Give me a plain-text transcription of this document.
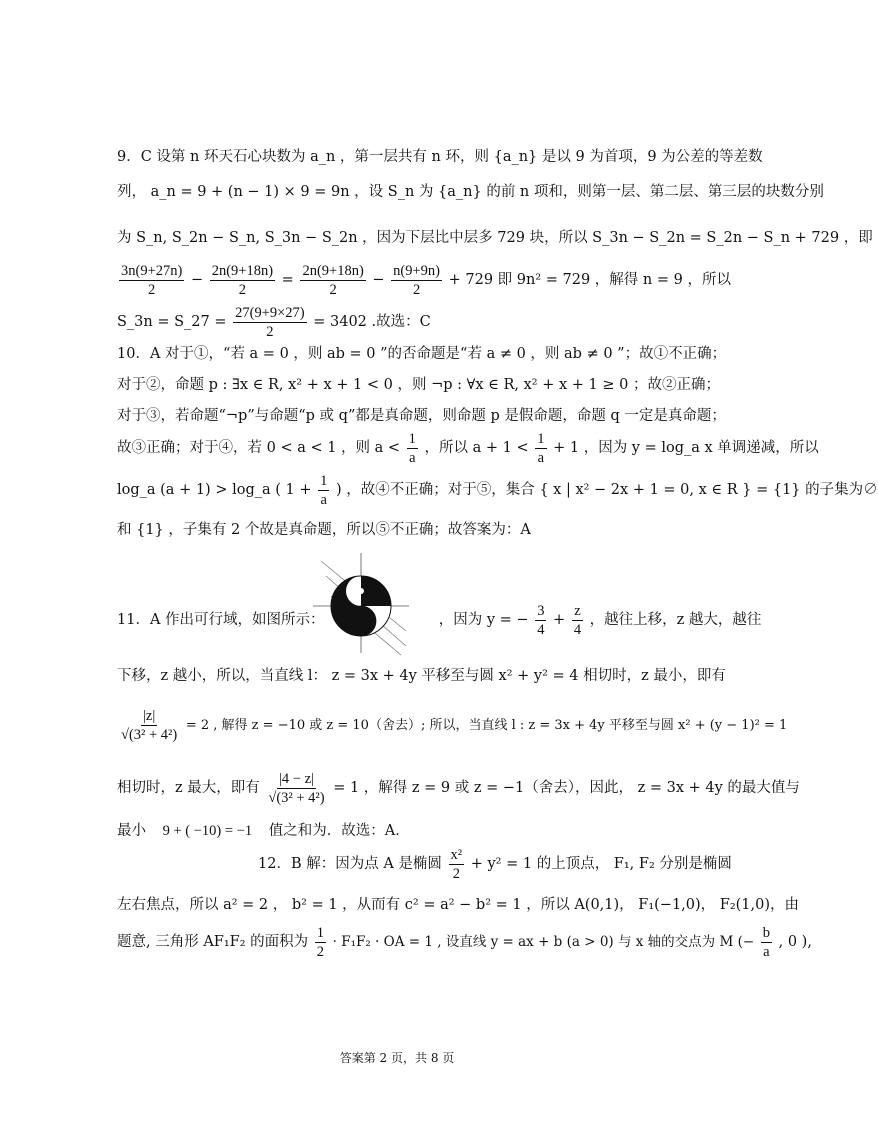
9．C 设第 n 环天石心块数为 a_n ，第一层共有 n 环，则 {a_n} 是以 9 为首项，9 为公差的等差数
列， a_n = 9 + (n − 1) × 9 = 9n ，设 S_n 为 {a_n} 的前 n 项和，则第一层、第二层、第三层的块数分别
为 S_n, S_2n − S_n, S_3n − S_2n ，因为下层比中层多 729 块，所以 S_3n − S_2n = S_2n − S_n + 729 ，即
$\frac{3n(9+27n)}{2} - \frac{2n(9+18n)}{2} = \frac{2n(9+18n)}{2} - \frac{n(9+9n)}{2} + 729$ 即 9n² = 729 ，解得 n = 9 ，所以
S_3n = S_27 = $\frac{27(9+9\times 27)}{2} = 3402$ .故选：C
10．A 对于①，“若 a = 0 ，则 ab = 0 ”的否命题是“若 a ≠ 0 ，则 ab ≠ 0 ”；故①不正确；
对于②，命题 p : ∃x ∈ R, x² + x + 1 < 0 ，则 ¬p : ∀x ∈ R, x² + x + 1 ≥ 0 ；故②正确；
对于③，若命题“¬p”与命题“p 或 q”都是真命题，则命题 p 是假命题，命题 q 一定是真命题；
故③正确；对于④，若 0 < a < 1 ，则 $a < \frac{1}{a}$ ，所以 $a + 1 < \frac{1}{a} + 1$ ，因为 y = log_a x 单调递减，所以
log_a (a + 1) > log_a ( $1 + \frac{1}{a}$ ) ，故④不正确；对于⑤，集合 { x | x² − 2x + 1 = 0, x ∈ R } = {1} 的子集为∅
和 {1} ，子集有 2 个故是真命题，所以⑤不正确；故答案为：A
11．A 作出可行域，如图所示：	，因为 y = − $\frac{3}{4} + \frac{z}{4}$ ，越往上移，z 越大，越往
下移，z 越小，所以，当直线 l： z = 3x + 4y 平移至与圆 x² + y² = 4 相切时，z 最小，即有
$\frac{|z|}{\text{√(3² + 4²)}} = 2$ , 解得 z = −10 或 z = 10（舍去）; 所以，当直线 l : z = 3x + 4y 平移至与圆 x² + (y − 1)² = 1
相切时，z 最大，即有 $\frac{|4 - z|}{\text{√(3² + 4²)}} = 1$ ，解得 z = 9 或 z = −1（舍去），因此， z = 3x + 4y 的最大值与
最小 9 + ( −10) = −1 值之和为．故选：A．
12．B 解：因为点 A 是椭圆 $\frac{\text{x²}}{2} + y^2 = 1$ 的上顶点， F₁, F₂ 分别是椭圆
左右焦点，所以 a² = 2 ， b² = 1 ，从而有 c² = a² − b² = 1 ，所以 A(0,1)， F₁(−1,0)， F₂(1,0)，由
题意, 三角形 AF₁F₂ 的面积为 $\frac{1}{2} \cdot F_1F_2$ · OA = 1 , 设直线 y = ax + b (a > 0) 与 x 轴的交点为 M (− $\frac{b}{a}$ , 0 ),
答案第 2 页，共 8 页
